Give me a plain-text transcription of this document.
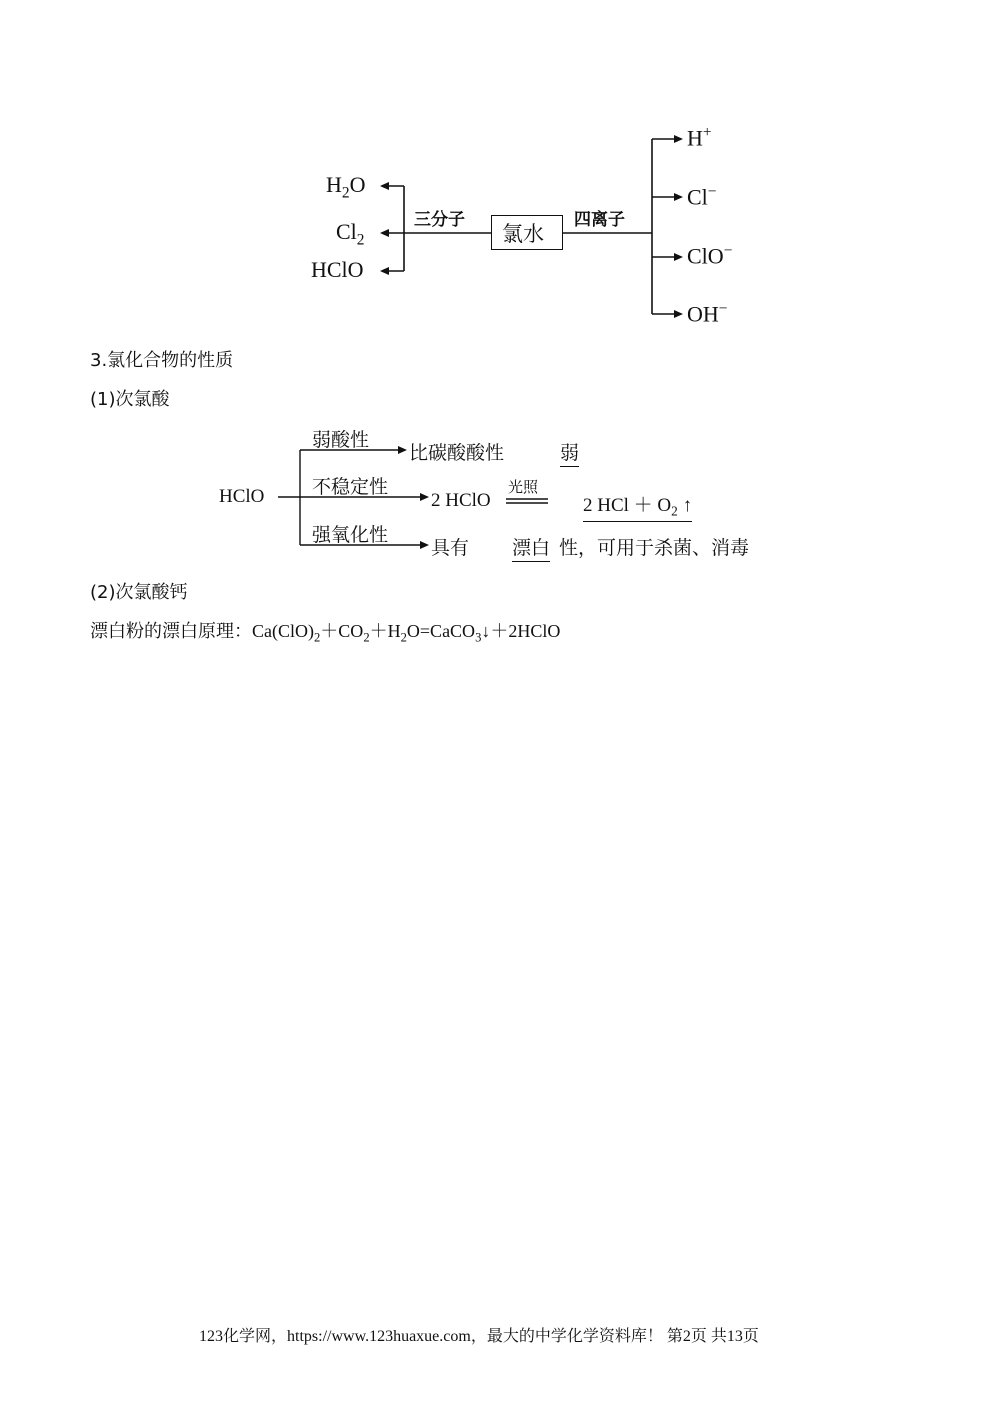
$H_2O$
$Cl_2$
HClO
三分子
氯水
四离子
H+
Cl−
ClO−
OH−
3.氯化合物的性质
(1)次氯酸
HClO
弱酸性
比碳酸酸性	弱
不稳定性
2 HClO
光照
2 HCl ＋ $O_2$ ↑
强氧化性
具有 漂白 性，可用于杀菌、消毒
(2)次氯酸钙
漂白粉的漂白原理：$Ca(ClO)_2+CO_2+H_2O=CaCO_3↓+2HClO$
123化学网，https://www.123huaxue.com，最大的中学化学资料库！ 第2页 共13页
